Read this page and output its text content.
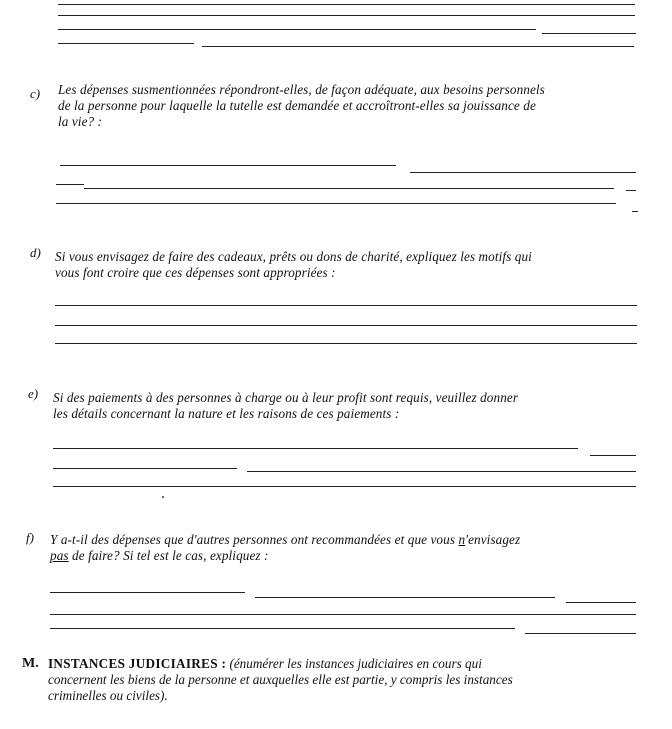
c) Les dépenses susmentionnées répondront-elles, de façon adéquate, aux besoins personnels
de la personne pour laquelle la tutelle est demandée et accroîtront-elles sa jouissance de
la vie? :
d) Si vous envisagez de faire des cadeaux, prêts ou dons de charité, expliquez les motifs qui
vous font croire que ces dépenses sont appropriées :
e) Si des paiements à des personnes à charge ou à leur profit sont requis, veuillez donner
les détails concernant la nature et les raisons de ces paiements :
f) Y a-t-il des dépenses que d'autres personnes ont recommandées et que vous n'envisagez
pas de faire? Si tel est le cas, expliquez :
M. INSTANCES JUDICIAIRES : (énumérer les instances judiciaires en cours qui
concernent les biens de la personne et auxquelles elle est partie, y compris les instances
criminelles ou civiles).
